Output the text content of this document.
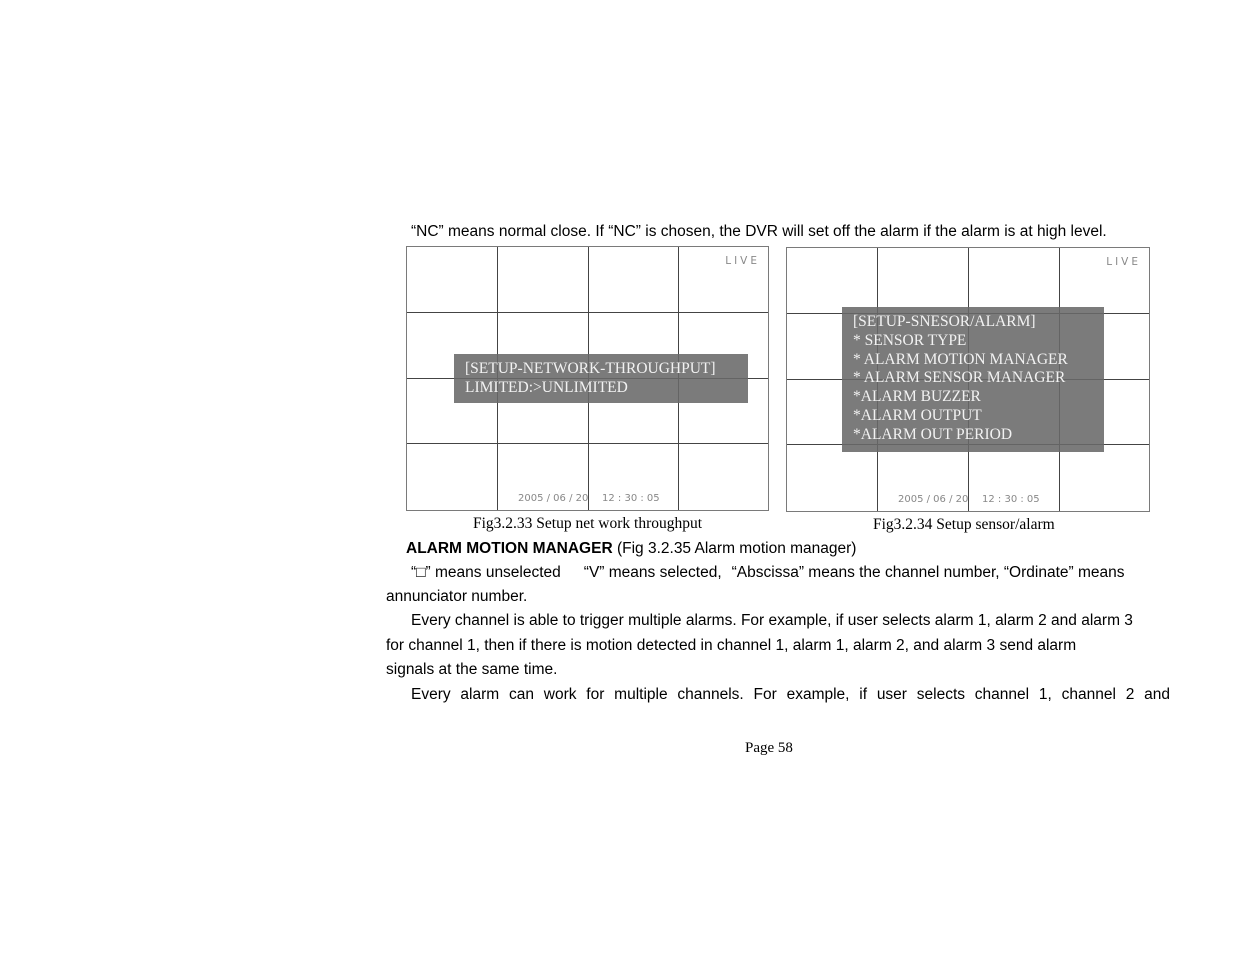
“NC” means normal close. If “NC” is chosen, the DVR will set off the alarm if the alarm is at high level.

LIVE
2005 / 06 / 20 12 : 30 : 05
[SETUP-NETWORK-THROUGHPUT]
LIMITED:>UNLIMITED
Fig3.2.33 Setup net work throughput
LIVE
2005 / 06 / 20 12 : 30 : 05
[SETUP-SNESOR/ALARM]
* SENSOR TYPE
* ALARM MOTION MANAGER
* ALARM SENSOR MANAGER
*ALARM BUZZER
*ALARM OUTPUT
*ALARM OUT PERIOD
Fig3.2.34 Setup sensor/alarm

ALARM MOTION MANAGER (Fig 3.2.35 Alarm motion manager)

“□” means unselected “V” means selected, “Abscissa” means the channel number, “Ordinate” means

annunciator number.

Every channel is able to trigger multiple alarms. For example, if user selects alarm 1, alarm 2 and alarm 3

for channel 1, then if there is motion detected in channel 1, alarm 1, alarm 2, and alarm 3 send alarm

signals at the same time.

Every alarm can work for multiple channels. For example, if user selects channel 1, channel 2 and

Page 58
